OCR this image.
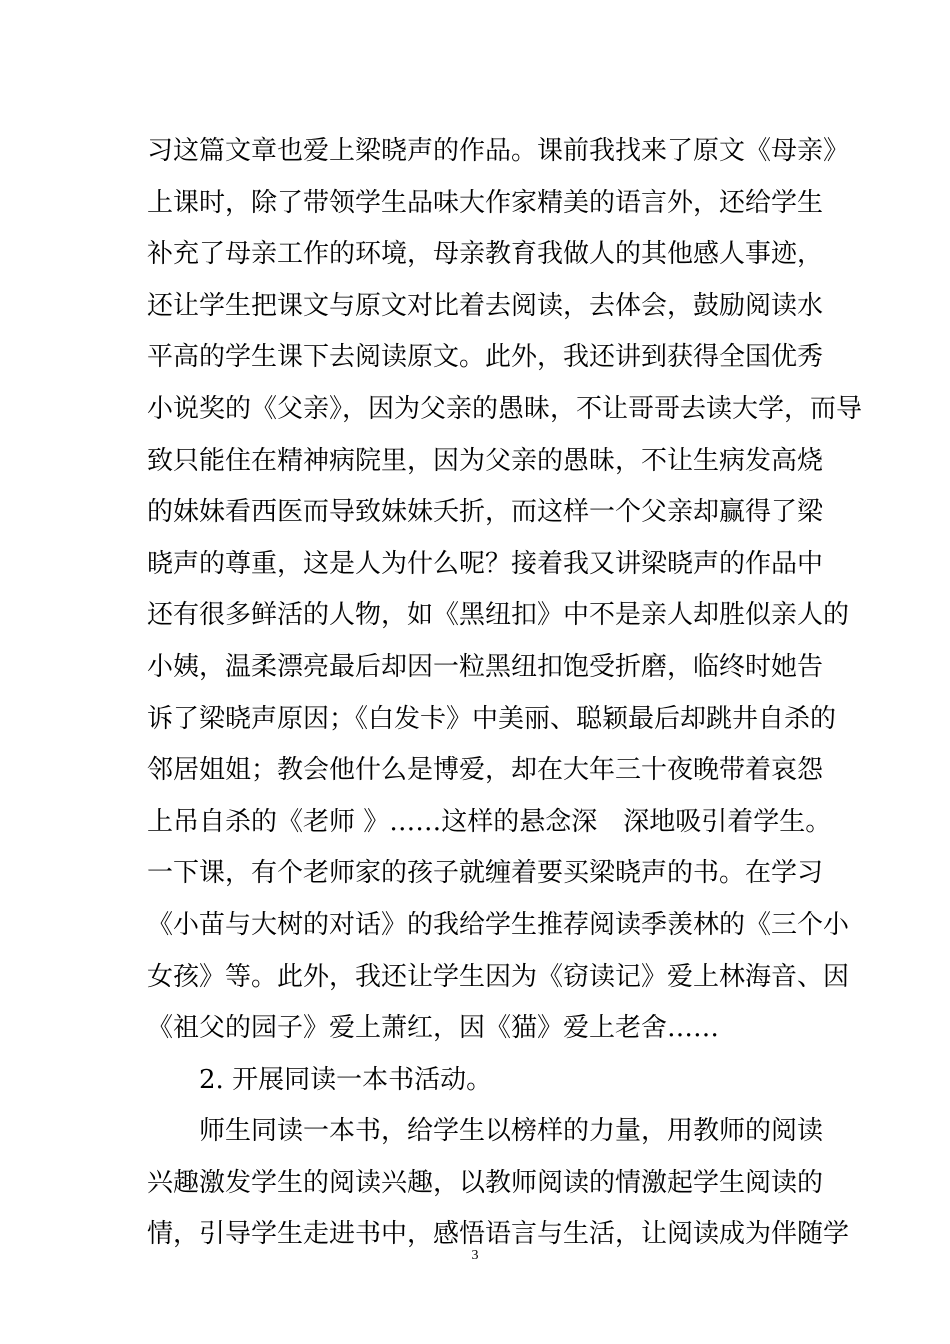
习这篇文章也爱上梁晓声的作品。课前我找来了原文《母亲》
上课时，除了带领学生品味大作家精美的语言外，还给学生
补充了母亲工作的环境，母亲教育我做人的其他感人事迹，
还让学生把课文与原文对比着去阅读，去体会，鼓励阅读水
平高的学生课下去阅读原文。此外，我还讲到获得全国优秀
小说奖的《父亲》，因为父亲的愚昧，不让哥哥去读大学，而导
致只能住在精神病院里，因为父亲的愚昧，不让生病发高烧
的妹妹看西医而导致妹妹夭折，而这样一个父亲却赢得了梁
晓声的尊重，这是人为什么呢？接着我又讲梁晓声的作品中
还有很多鲜活的人物，如《黑纽扣》中不是亲人却胜似亲人的
小姨，温柔漂亮最后却因一粒黑纽扣饱受折磨，临终时她告
诉了梁晓声原因；《白发卡》中美丽、聪颖最后却跳井自杀的
邻居姐姐；教会他什么是博爱，却在大年三十夜晚带着哀怨
上吊自杀的《老师 》……这样的悬念深　深地吸引着学生。
一下课，有个老师家的孩子就缠着要买梁晓声的书。在学习
《小苗与大树的对话》的我给学生推荐阅读季羡林的《三个小
女孩》等。此外，我还让学生因为《窃读记》爱上林海音、因
《祖父的园子》爱上萧红，因《猫》爱上老舍……
2. 开展同读一本书活动。
师生同读一本书，给学生以榜样的力量，用教师的阅读
兴趣激发学生的阅读兴趣，以教师阅读的情激起学生阅读的
情，引导学生走进书中，感悟语言与生活，让阅读成为伴随学
3
